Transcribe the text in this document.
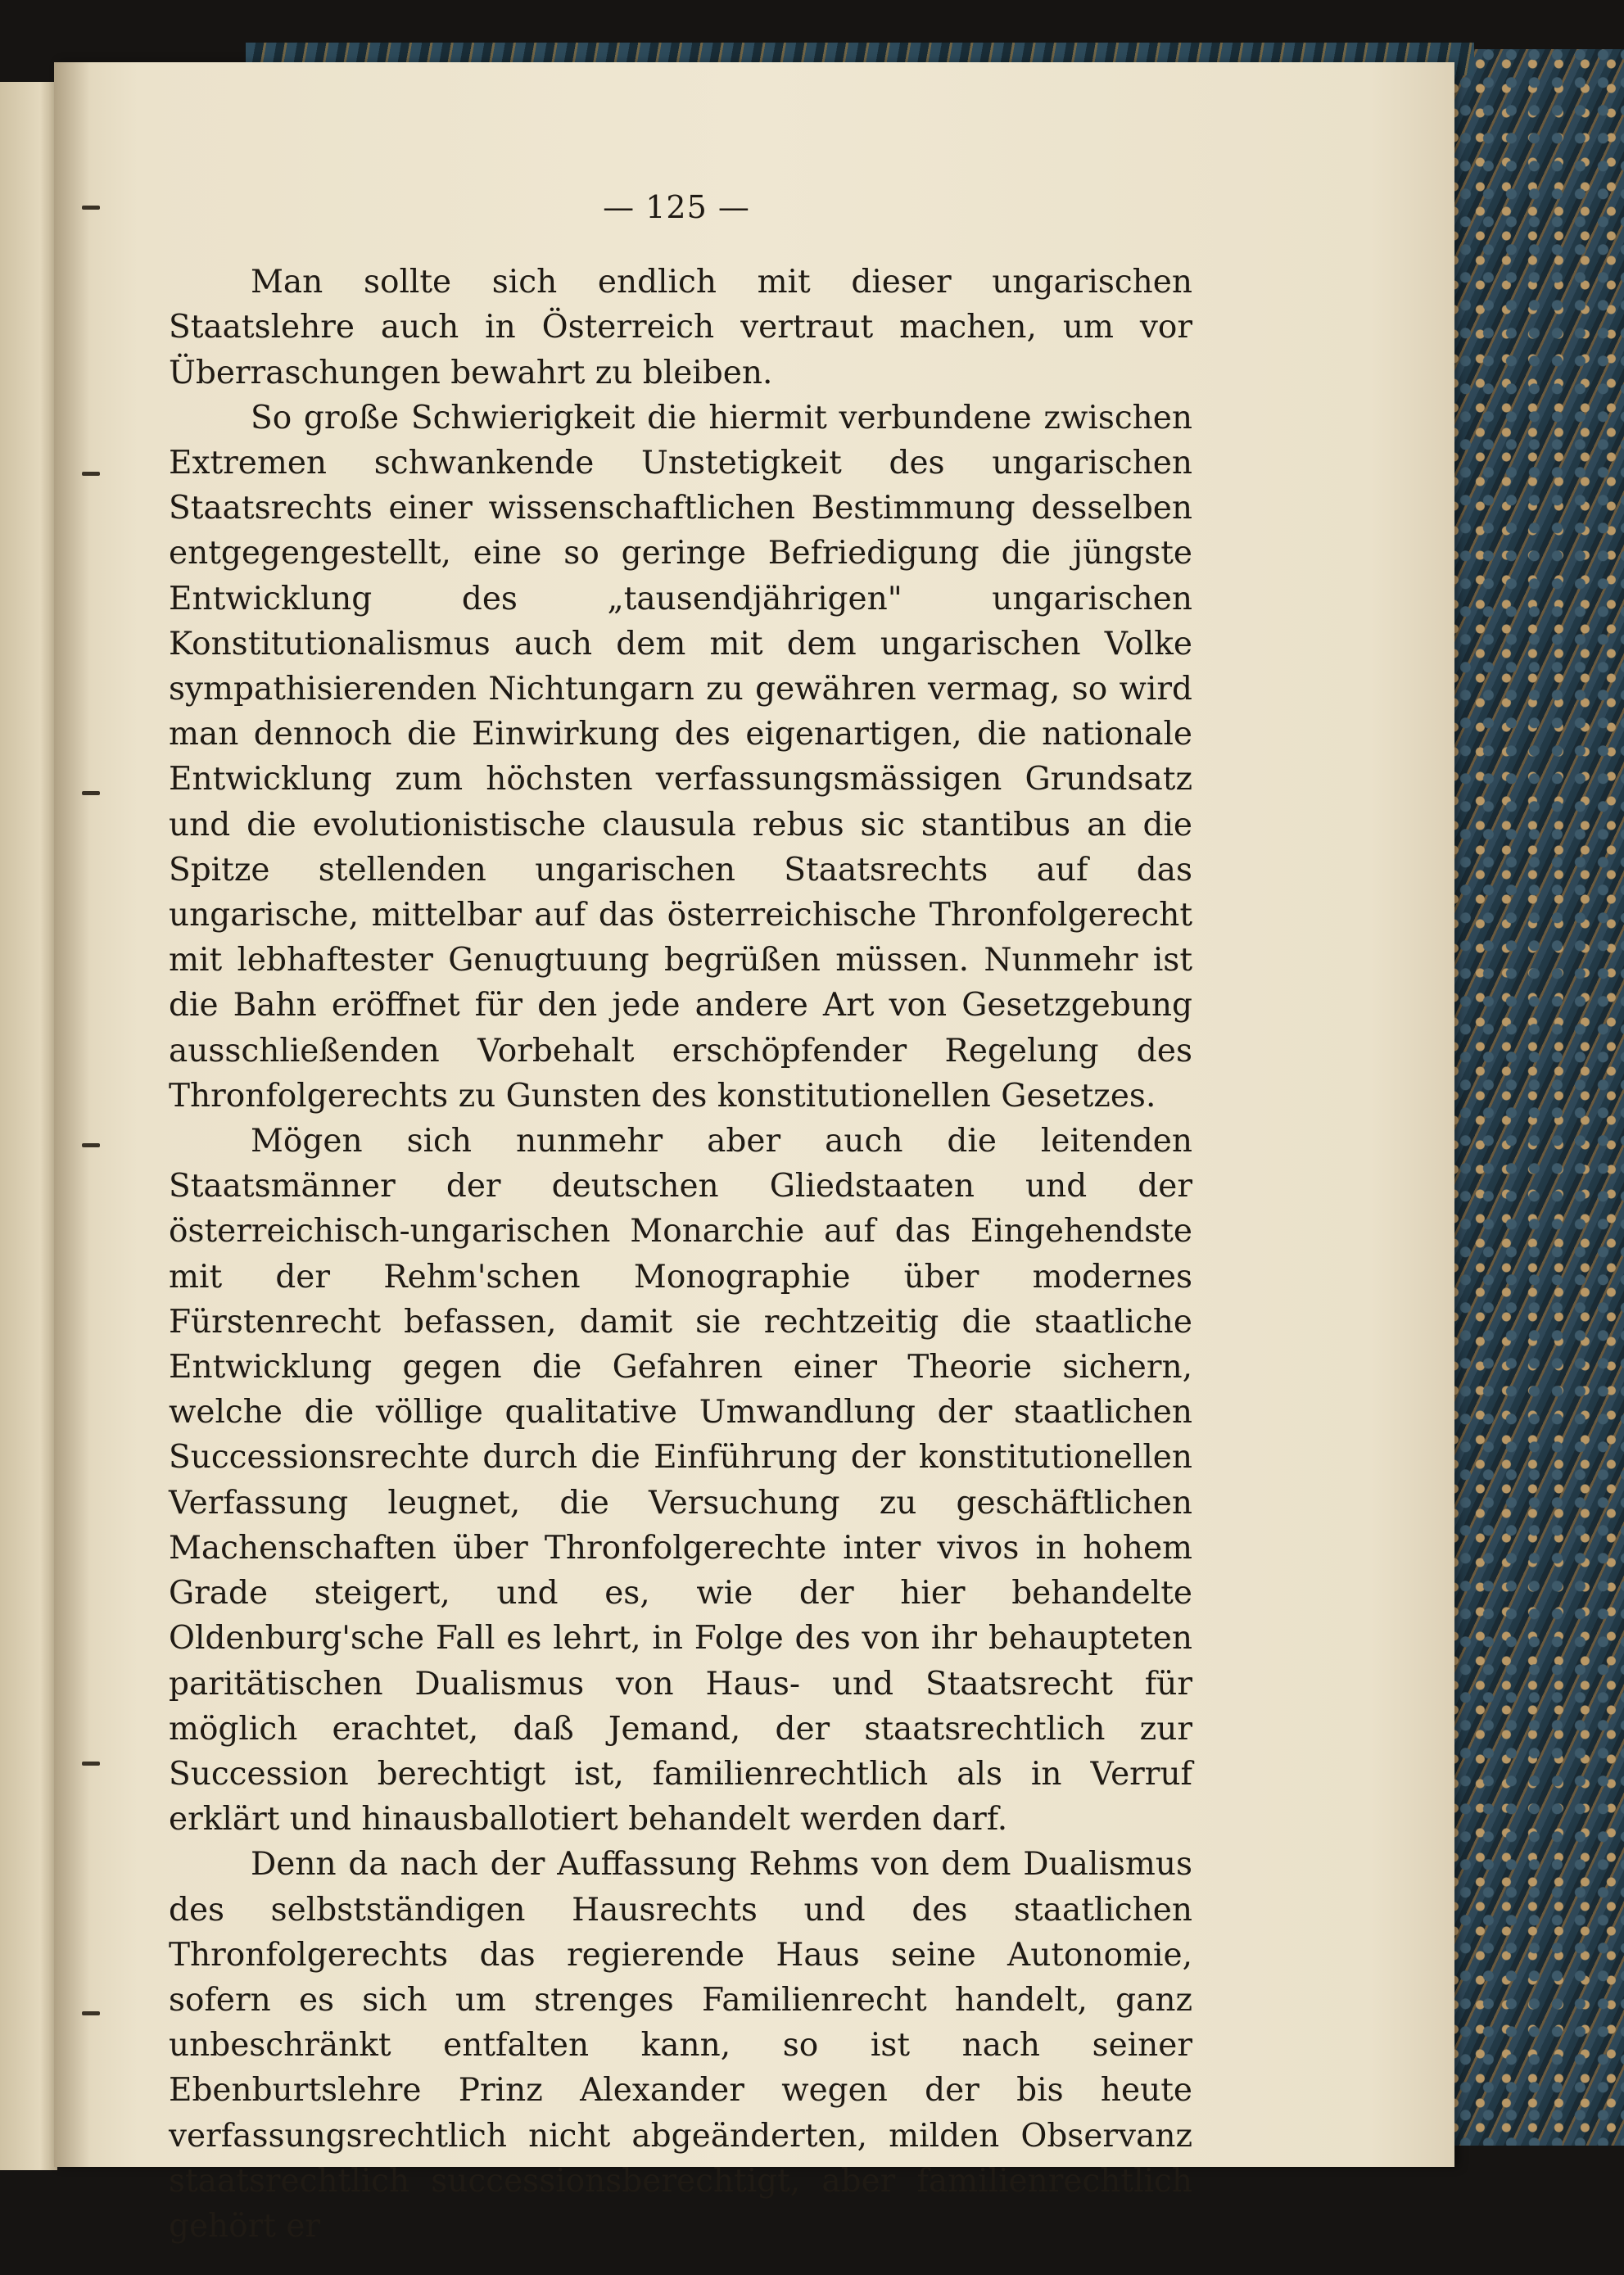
— 125 —

Man sollte sich endlich mit dieser ungarischen Staatslehre auch in Österreich vertraut machen, um vor Überraschungen bewahrt zu bleiben.

So große Schwierigkeit die hiermit verbundene zwischen Extremen schwankende Unstetigkeit des ungarischen Staatsrechts einer wissenschaftlichen Bestimmung desselben entgegengestellt, eine so geringe Befriedigung die jüngste Entwicklung des „tausendjährigen" ungarischen Konstitutionalismus auch dem mit dem ungarischen Volke sympathisierenden Nichtungarn zu gewähren vermag, so wird man dennoch die Einwirkung des eigenartigen, die nationale Entwicklung zum höchsten verfassungsmässigen Grundsatz und die evolutionistische clausula rebus sic stantibus an die Spitze stellenden ungarischen Staatsrechts auf das ungarische, mittelbar auf das österreichische Thronfolgerecht mit lebhaftester Genugtuung begrüßen müssen. Nunmehr ist die Bahn eröffnet für den jede andere Art von Gesetzgebung ausschließenden Vorbehalt erschöpfender Regelung des Thronfolgerechts zu Gunsten des konstitutionellen Gesetzes.

Mögen sich nunmehr aber auch die leitenden Staatsmänner der deutschen Gliedstaaten und der österreichisch-ungarischen Monarchie auf das Eingehendste mit der Rehm'schen Monographie über modernes Fürstenrecht befassen, damit sie rechtzeitig die staatliche Entwicklung gegen die Gefahren einer Theorie sichern, welche die völlige qualitative Umwandlung der staatlichen Successionsrechte durch die Einführung der konstitutionellen Verfassung leugnet, die Versuchung zu geschäftlichen Machenschaften über Thronfolgerechte inter vivos in hohem Grade steigert, und es, wie der hier behandelte Oldenburg'sche Fall es lehrt, in Folge des von ihr behaupteten paritätischen Dualismus von Haus- und Staatsrecht für möglich erachtet, daß Jemand, der staatsrechtlich zur Succession berechtigt ist, familienrechtlich als in Verruf erklärt und hinausballotiert behandelt werden darf.

Denn da nach der Auffassung Rehms von dem Dualismus des selbstständigen Hausrechts und des staatlichen Thronfolgerechts das regierende Haus seine Autonomie, sofern es sich um strenges Familienrecht handelt, ganz unbeschränkt entfalten kann, so ist nach seiner Ebenburtslehre Prinz Alexander wegen der bis heute verfassungsrechtlich nicht abgeänderten, milden Observanz staatsrechtlich successionsberechtigt, aber familienrechtlich gehört er
